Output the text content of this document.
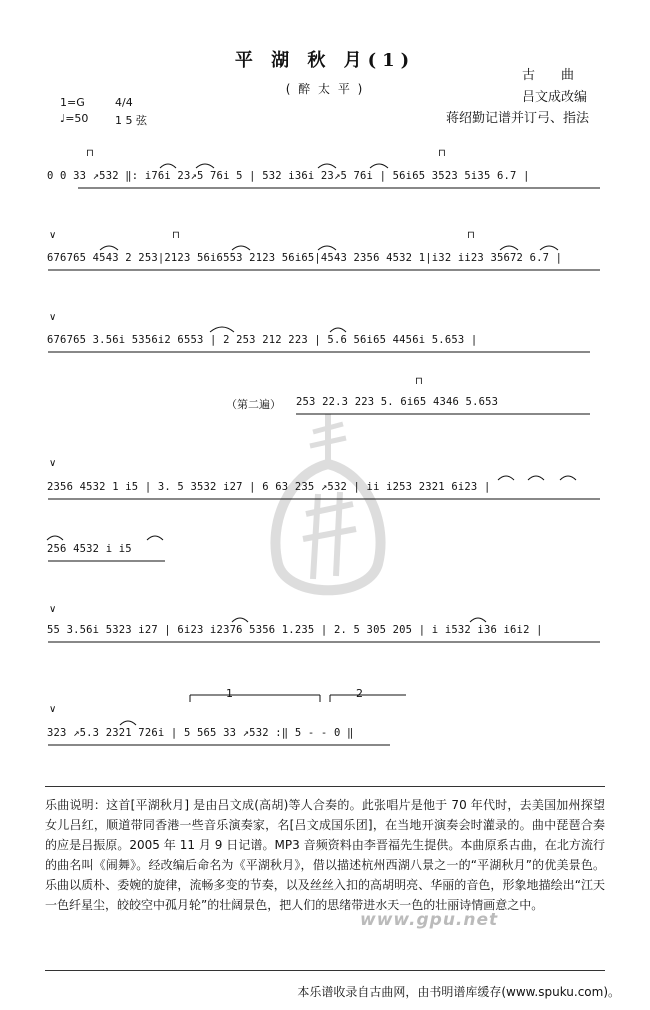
平 湖 秋 月(1)
( 醉 太 平 )
古　　曲
吕文成改编
蒋绍勤记谱并订弓、指法
1=G	4/4
♩=50 1 5 弦
⊓	⊓
⊓
⊓
⊓
∨
∨
∨
∨
∨
1	2
0 0 33 ↗532 ‖: i76i 23↗5 76i 5 | 532 i36i 23↗5 76i | 56i65 3523 5i35 6.7 |
676765 4543 2 253|2123 56i6553 2123 56i65|4543 2356 4532 1|i32 ii23 35672 6.7 |
676765 3.56i 5356i2 6553 | 2 253 212 223 | 5.6 56i65 4456i 5.653 |
（第二遍） 253 22.3 223 5. 6i65 4346 5.653
2356 4532 1 i5 | 3. 5 3532 i27 | 6 63 235 ↗532 | ii i253 2321 6i23 |
256 4532 i i5
55 3.56i 5323 i27 | 6i23 i2376 5356 1.235 | 2. 5 305 205 | i i532 i36 i6i2 |
323 ↗5.3 2321 726i | 5 565 33 ↗532 :‖ 5 - - 0 ‖
乐曲说明：这首[平湖秋月] 是由吕文成(高胡)等人合奏的。此张唱片是他于 70 年代时，去美国加州探望女儿吕红，顺道带同香港一些音乐演奏家，名[吕文成国乐团]，在当地开演奏会时灌录的。曲中琵琶合奏的应是吕振原。2005 年 11 月 9 日记谱。MP3 音频资料由李晋福先生提供。本曲原系古曲，在北方流行的曲名叫《闹舞》。经改编后命名为《平湖秋月》，借以描述杭州西湖八景之一的“平湖秋月”的优美景色。乐曲以质朴、委婉的旋律，流畅多变的节奏，以及丝丝入扣的高胡明亮、华丽的音色，形象地描绘出“江天一色纤星尘，皎皎空中孤月轮”的壮阔景色，把人们的思绪带进水天一色的壮丽诗情画意之中。
www.gpu.net
本乐谱收录自古曲网，由书明谱库缓存(www.spuku.com)。
